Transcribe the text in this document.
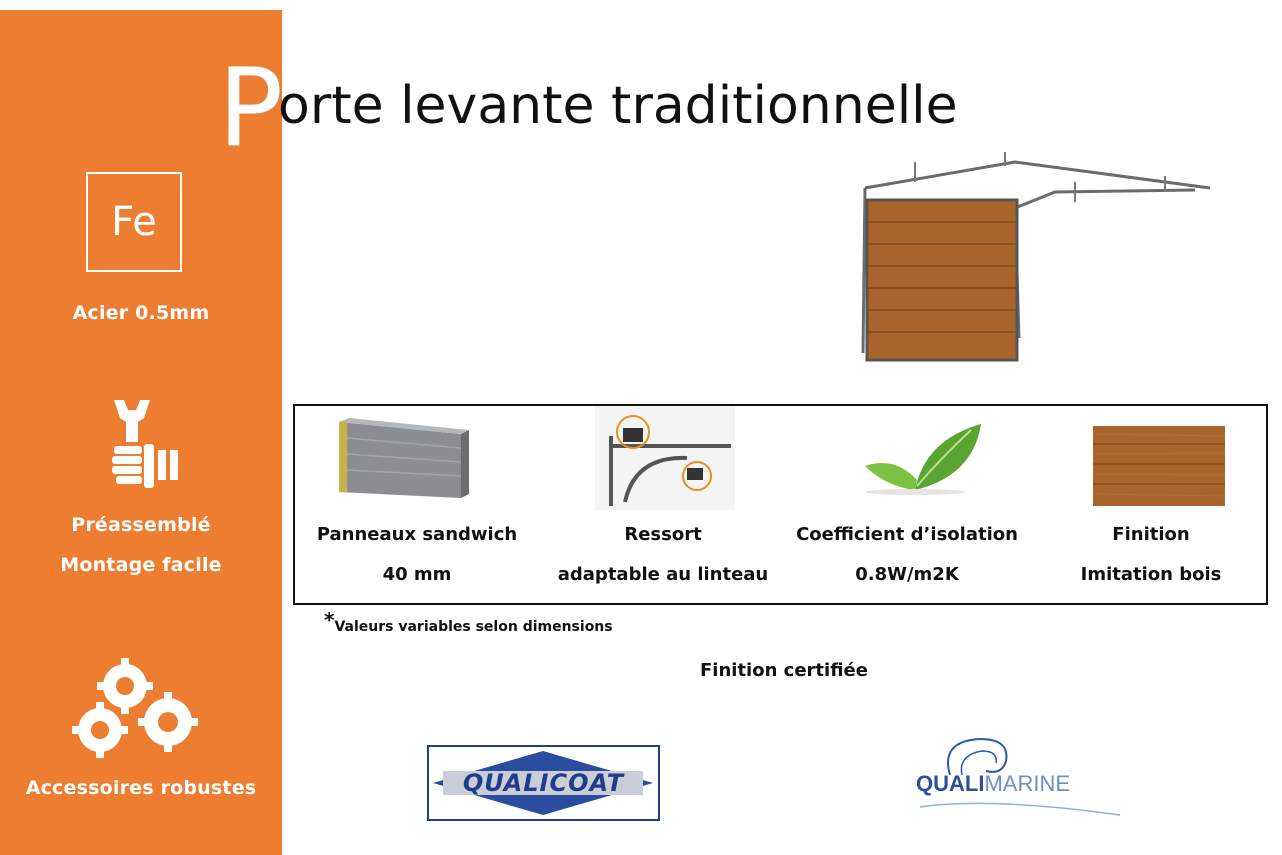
Fe
Acier 0.5mm
Préassemblé
Montage facile
Accessoires robustes
P
orte levante traditionnelle
Panneaux sandwich
40 mm
Ressort
adaptable au linteau
Coefficient d’isolation
0.8W/m2K
Finition
Imitation bois
*Valeurs variables selon dimensions
Finition certifiée
QUALICOAT	QUALIMARINE
